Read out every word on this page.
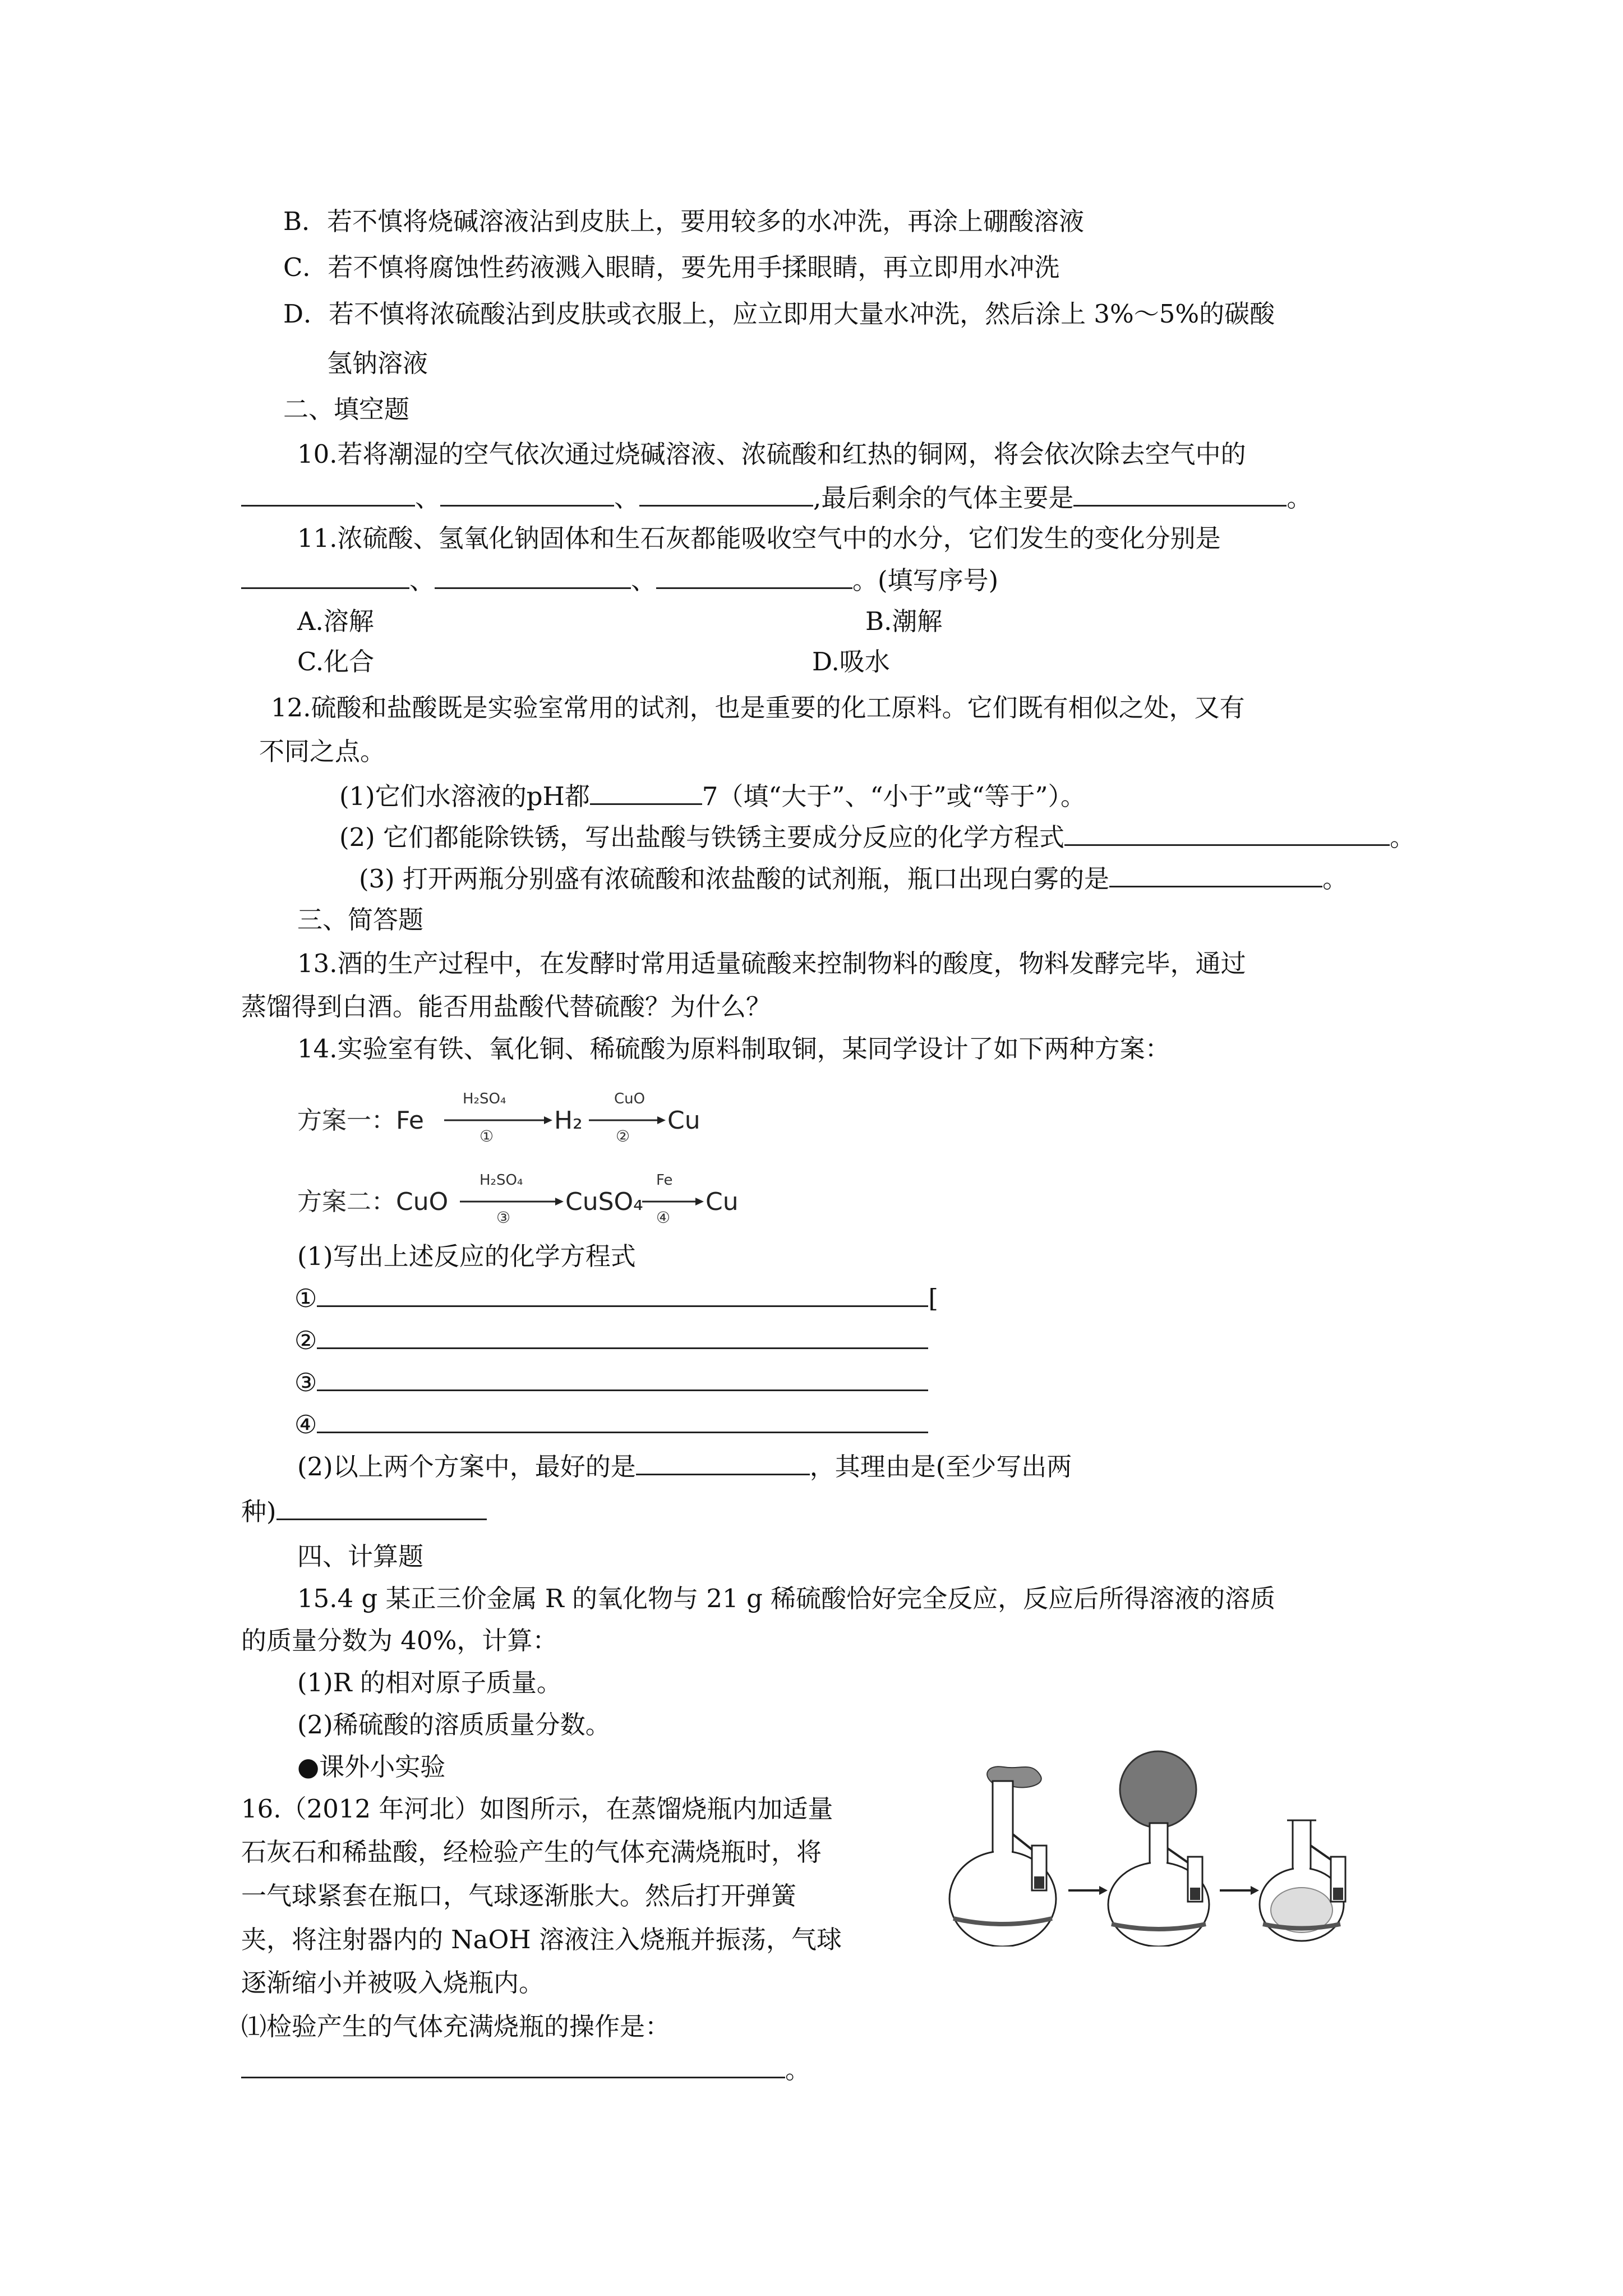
B．若不慎将烧碱溶液沾到皮肤上，要用较多的水冲洗，再涂上硼酸溶液
C．若不慎将腐蚀性药液溅入眼睛，要先用手揉眼睛，再立即用水冲洗
D．若不慎将浓硫酸沾到皮肤或衣服上，应立即用大量水冲洗，然后涂上 3%～5%的碳酸
氢钠溶液
二、填空题
10.若将潮湿的空气依次通过烧碱溶液、浓硫酸和红热的铜网，将会依次除去空气中的
、	、	,最后剩余的气体主要是	。
11.浓硫酸、氢氧化钠固体和生石灰都能吸收空气中的水分，它们发生的变化分别是
、	、	。(填写序号)
A.溶解	B.潮解
C.化合	D.吸水
12.硫酸和盐酸既是实验室常用的试剂，也是重要的化工原料。它们既有相似之处，又有
不同之点。
(1)它们水溶液的pH都	7（填“大于”、“小于”或“等于”）。
(2) 它们都能除铁锈，写出盐酸与铁锈主要成分反应的化学方程式	。
(3) 打开两瓶分别盛有浓硫酸和浓盐酸的试剂瓶，瓶口出现白雾的是	。
三、简答题
13.酒的生产过程中，在发酵时常用适量硫酸来控制物料的酸度，物料发酵完毕，通过
蒸馏得到白酒。能否用盐酸代替硫酸？为什么？
14.实验室有铁、氧化铜、稀硫酸为原料制取铜，某同学设计了如下两种方案：
方案一：Fe
H₂SO₄
①
H₂
CuO
②
Cu
方案二：CuO
H₂SO₄
③
CuSO₄
Fe
④
Cu
(1)写出上述反应的化学方程式
①	[
②
③
④
(2)以上两个方案中，最好的是	，其理由是(至少写出两
种)
四、计算题
15.4 g 某正三价金属 R 的氧化物与 21 g 稀硫酸恰好完全反应，反应后所得溶液的溶质
的质量分数为 40%，计算：
(1)R 的相对原子质量。
(2)稀硫酸的溶质质量分数。
●课外小实验
16.（2012 年河北）如图所示，在蒸馏烧瓶内加适量
石灰石和稀盐酸，经检验产生的气体充满烧瓶时，将
一气球紧套在瓶口，气球逐渐胀大。然后打开弹簧
夹，将注射器内的 NaOH 溶液注入烧瓶并振荡，气球
逐渐缩小并被吸入烧瓶内。
⑴检验产生的气体充满烧瓶的操作是：
。
